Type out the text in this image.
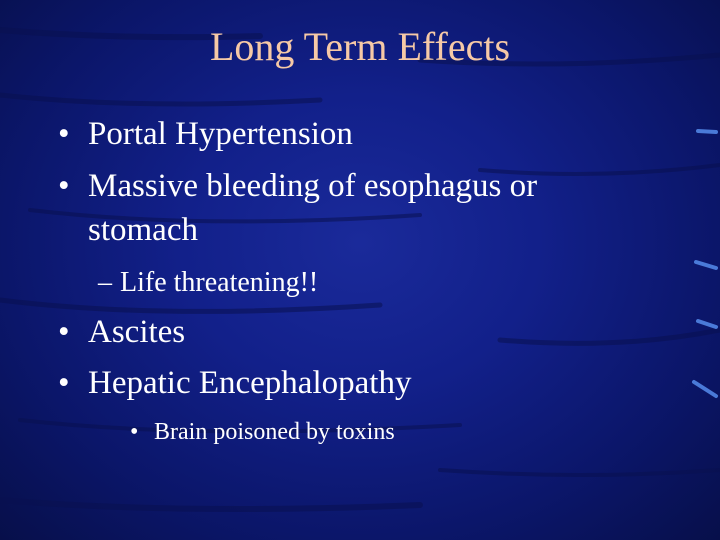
Long Term Effects
• Portal Hypertension
• Massive bleeding of esophagus or
stomach
– Life threatening!!
• Ascites
• Hepatic Encephalopathy
• Brain poisoned by toxins
